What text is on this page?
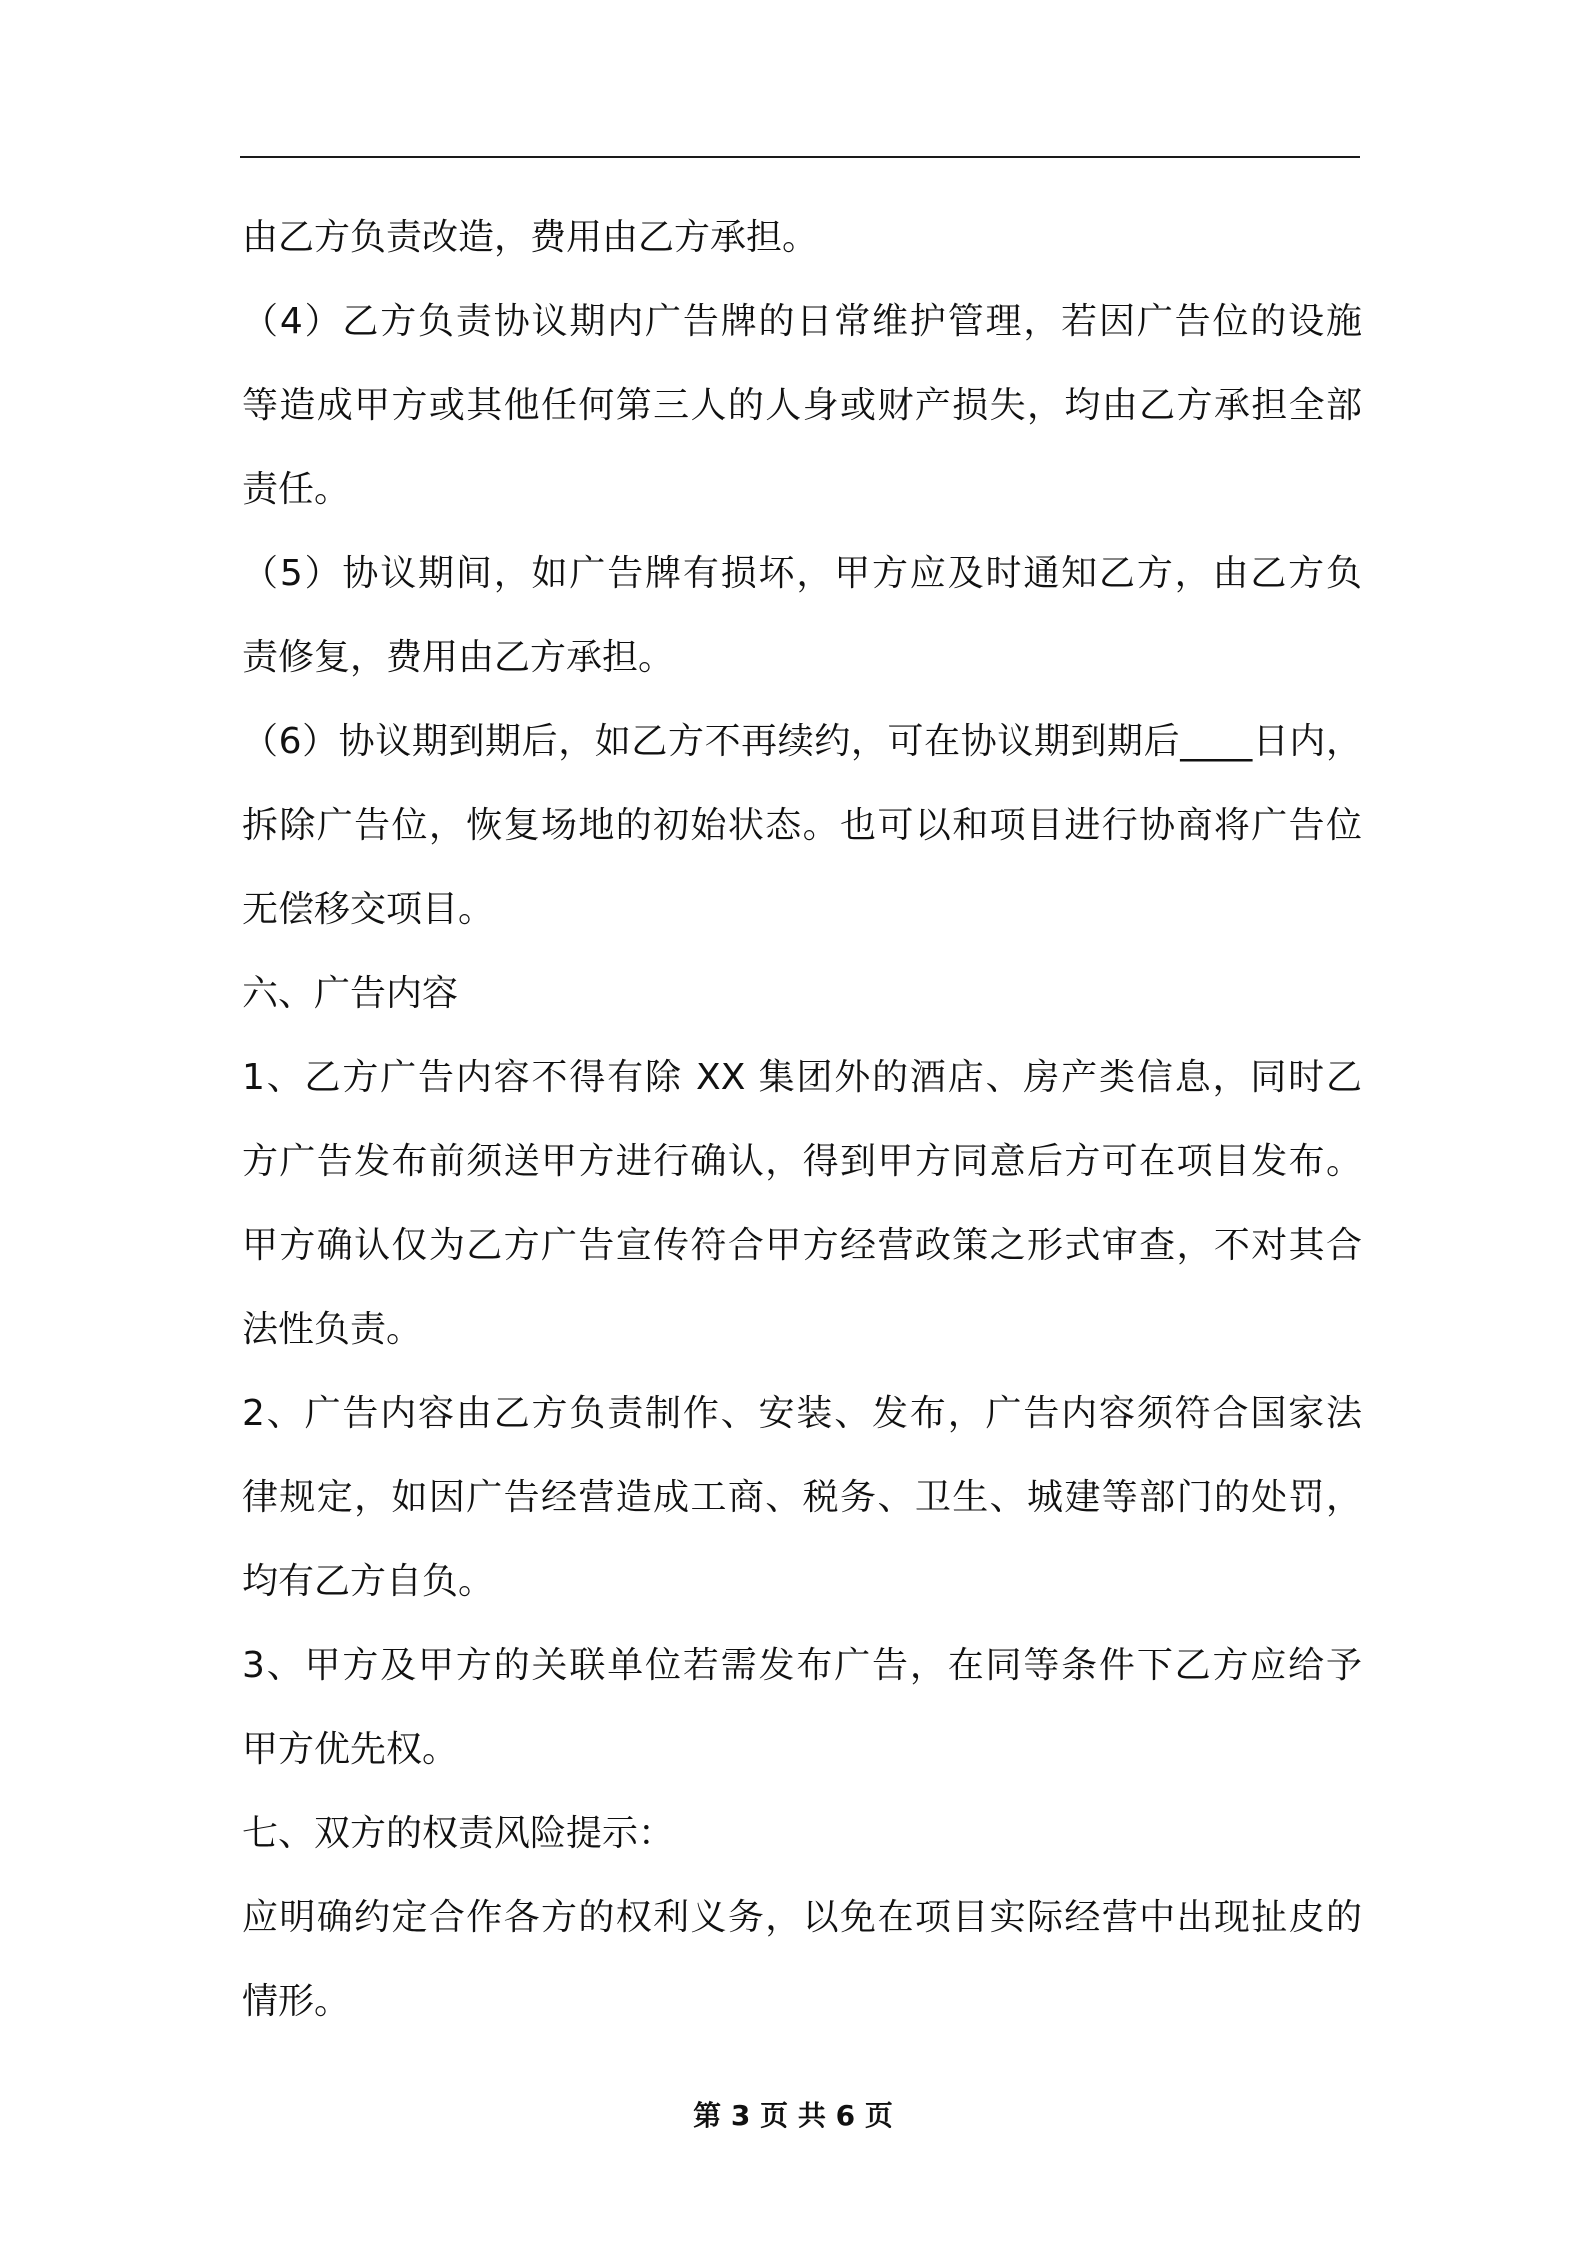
由乙方负责改造，费用由乙方承担。
（4）乙方负责协议期内广告牌的日常维护管理，若因广告位的设施
等造成甲方或其他任何第三人的人身或财产损失，均由乙方承担全部
责任。
（5）协议期间，如广告牌有损坏，甲方应及时通知乙方，由乙方负
责修复，费用由乙方承担。
（6）协议期到期后，如乙方不再续约，可在协议期到期后____日内，
拆除广告位，恢复场地的初始状态。也可以和项目进行协商将广告位
无偿移交项目。
六、广告内容
1、乙方广告内容不得有除 XX 集团外的酒店、房产类信息，同时乙
方广告发布前须送甲方进行确认，得到甲方同意后方可在项目发布。
甲方确认仅为乙方广告宣传符合甲方经营政策之形式审查，不对其合
法性负责。
2、广告内容由乙方负责制作、安装、发布，广告内容须符合国家法
律规定，如因广告经营造成工商、税务、卫生、城建等部门的处罚，
均有乙方自负。
3、甲方及甲方的关联单位若需发布广告，在同等条件下乙方应给予
甲方优先权。
七、双方的权责风险提示：
应明确约定合作各方的权利义务，以免在项目实际经营中出现扯皮的
情形。
第 3 页 共 6 页
